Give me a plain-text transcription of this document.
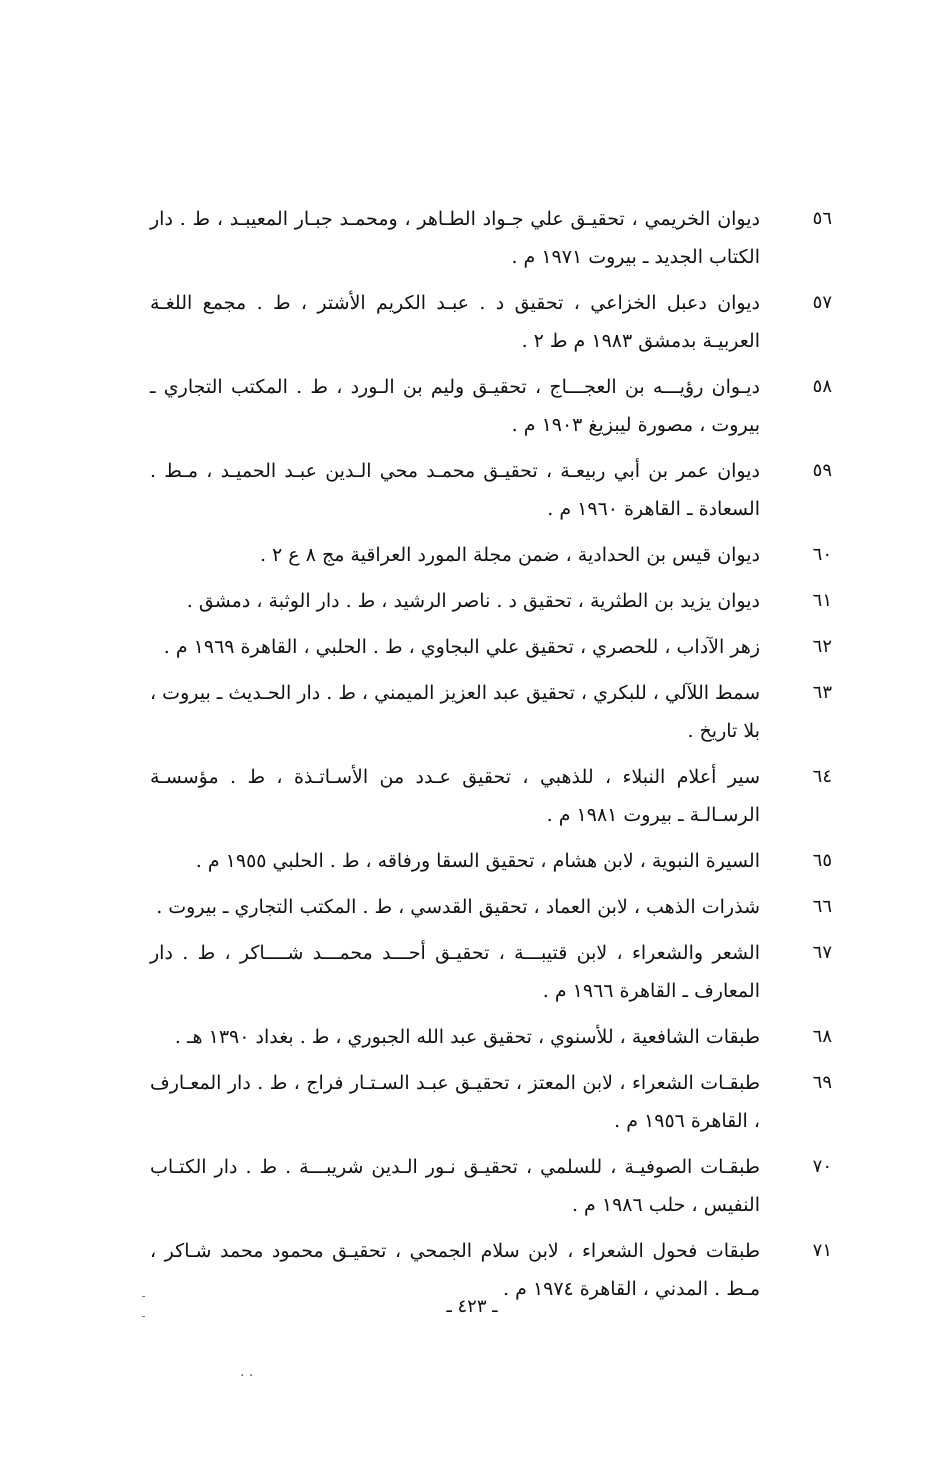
٥٦
ديوان الخريمي ، تحقيـق علي جـواد الطـاهر ، ومحمـد جبـار المعيبـد ، ط . دار الكتاب الجديد ـ بيروت ١٩٧١ م .
٥٧
ديوان دعبل الخزاعي ، تحقيق د . عبـد الكريم الأشتر ، ط . مجمع اللغـة العربيـة بدمشق ١٩٨٣ م ط ٢ .
٥٨
ديـوان رؤيـــه بن العجـــاج ، تحقيـق وليم بن الـورد ، ط . المكتب التجاري ـ بيروت ، مصورة ليبزيغ ١٩٠٣ م .
٥٩
ديوان عمر بن أبي ربيعـة ، تحقيـق محمـد محي الـدين عبـد الحميـد ، مـط . السعادة ـ القاهرة ١٩٦٠ م .
٦٠
ديوان قيس بن الحدادية ، ضمن مجلة المورد العراقية مج ٨ ع ٢ .
٦١
ديوان يزيد بن الطثرية ، تحقيق د . ناصر الرشيد ، ط . دار الوثبة ، دمشق .
٦٢
زهر الآداب ، للحصري ، تحقيق علي البجاوي ، ط . الحلبي ، القاهرة ١٩٦٩ م .
٦٣
سمط اللآلي ، للبكري ، تحقيق عبد العزيز الميمني ، ط . دار الحـديث ـ بيروت ، بلا تاريخ .
٦٤
سير أعلام النبلاء ، للذهبي ، تحقيق عـدد من الأسـاتـذة ، ط . مؤسسـة الرسـالـة ـ بيروت ١٩٨١ م .
٦٥
السيرة النبوية ، لابن هشام ، تحقيق السقا ورفاقه ، ط . الحلبي ١٩٥٥ م .
٦٦
شذرات الذهب ، لابن العماد ، تحقيق القدسي ، ط . المكتب التجاري ـ بيروت .
٦٧
الشعر والشعراء ، لابن قتيبـــة ، تحقيـق أحـــد محمـــد شــــاكر ، ط . دار المعارف ـ القاهرة ١٩٦٦ م .
٦٨
طبقات الشافعية ، للأسنوي ، تحقيق عبد الله الجبوري ، ط . بغداد ١٣٩٠ هـ .
٦٩
طبقـات الشعراء ، لابن المعتز ، تحقيـق عبـد السـتـار فراج ، ط . دار المعـارف ، القاهرة ١٩٥٦ م .
٧٠
طبقـات الصوفيـة ، للسلمي ، تحقيـق نـور الـدين شريبـــة . ط . دار الكتـاب النفيس ، حلب ١٩٨٦ م .
٧١
طبقات فحول الشعراء ، لابن سلام الجمحي ، تحقيـق محمود محمد شـاكر ، مـط . المدني ، القاهرة ١٩٧٤ م .
ـ ٤٢٣ ـ
· ·
